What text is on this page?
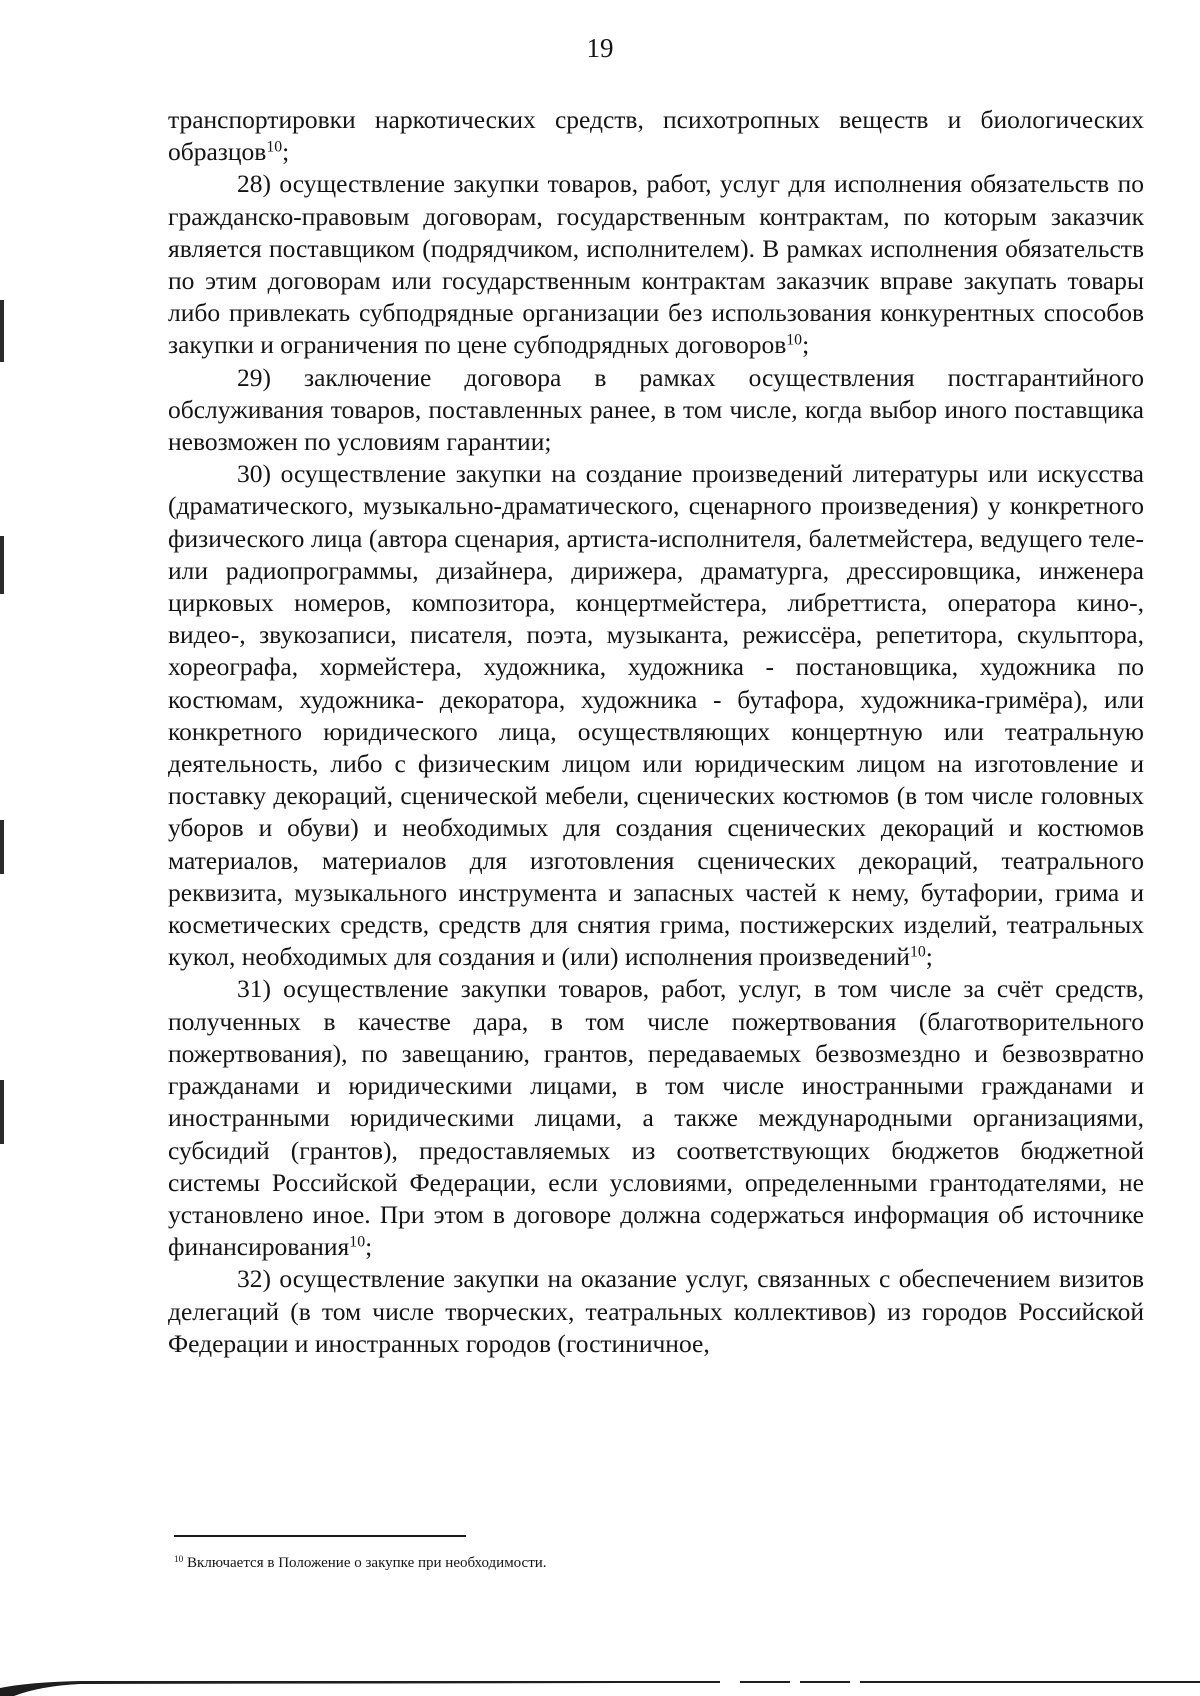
19

транспортировки наркотических средств, психотропных веществ и биологических образцов$^{10}$;

28) осуществление закупки товаров, работ, услуг для исполнения обязательств по гражданско-правовым договорам, государственным контрактам, по которым заказчик является поставщиком (подрядчиком, исполнителем). В рамках исполнения обязательств по этим договорам или государственным контрактам заказчик вправе закупать товары либо привлекать субподрядные организации без использования конкурентных способов закупки и ограничения по цене субподрядных договоров$^{10}$;

29) заключение договора в рамках осуществления постгарантийного обслуживания товаров, поставленных ранее, в том числе, когда выбор иного поставщика невозможен по условиям гарантии;

30) осуществление закупки на создание произведений литературы или искусства (драматического, музыкально-драматического, сценарного произведения) у конкретного физического лица (автора сценария, артиста-исполнителя, балетмейстера, ведущего теле- или радиопрограммы, дизайнера, дирижера, драматурга, дрессировщика, инженера цирковых номеров, композитора, концертмейстера, либреттиста, оператора кино-, видео-, звукозаписи, писателя, поэта, музыканта, режиссёра, репетитора, скульптора, хореографа, хормейстера, художника, художника - постановщика, художника по костюмам, художника- декоратора, художника - бутафора, художника-гримёра), или конкретного юридического лица, осуществляющих концертную или театральную деятельность, либо с физическим лицом или юридическим лицом на изготовление и поставку декораций, сценической мебели, сценических костюмов (в том числе головных уборов и обуви) и необходимых для создания сценических декораций и костюмов материалов, материалов для изготовления сценических декораций, театрального реквизита, музыкального инструмента и запасных частей к нему, бутафории, грима и косметических средств, средств для снятия грима, постижерских изделий, театральных кукол, необходимых для создания и (или) исполнения произведений$^{10}$;

31) осуществление закупки товаров, работ, услуг, в том числе за счёт средств, полученных в качестве дара, в том числе пожертвования (благотворительного пожертвования), по завещанию, грантов, передаваемых безвозмездно и безвозвратно гражданами и юридическими лицами, в том числе иностранными гражданами и иностранными юридическими лицами, а также международными организациями, субсидий (грантов), предоставляемых из соответствующих бюджетов бюджетной системы Российской Федерации, если условиями, определенными грантодателями, не установлено иное. При этом в договоре должна содержаться информация об источнике финансирования$^{10}$;

32) осуществление закупки на оказание услуг, связанных с обеспечением визитов делегаций (в том числе творческих, театральных коллективов) из городов Российской Федерации и иностранных городов (гостиничное,

$^{10}$ Включается в Положение о закупке при необходимости.
